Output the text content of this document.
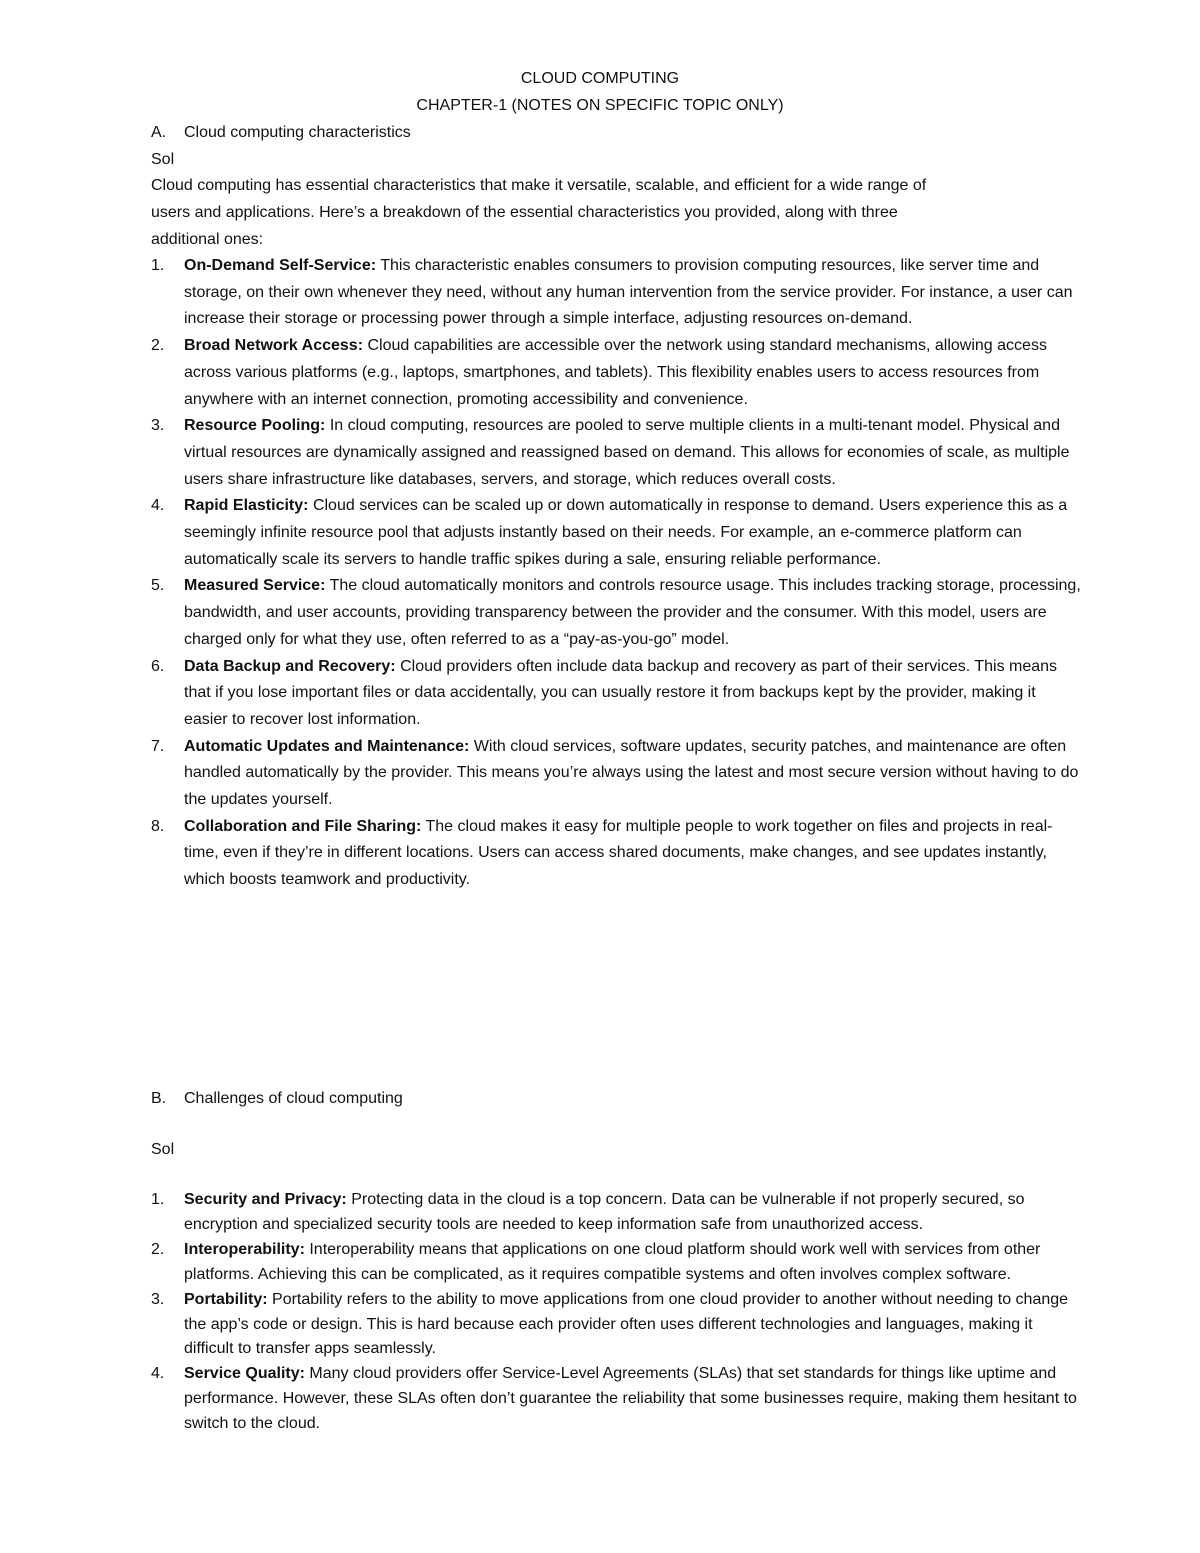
CLOUD COMPUTING
CHAPTER-1 (NOTES ON SPECIFIC TOPIC ONLY)
A. Cloud computing characteristics
Sol
Cloud computing has essential characteristics that make it versatile, scalable, and efficient for a wide range of
users and applications. Here’s a breakdown of the essential characteristics you provided, along with three
additional ones:
1. On-Demand Self-Service: This characteristic enables consumers to provision computing resources, like server time and storage, on their own whenever they need, without any human intervention from the service provider. For instance, a user can increase their storage or processing power through a simple interface, adjusting resources on-demand.
2. Broad Network Access: Cloud capabilities are accessible over the network using standard mechanisms, allowing access across various platforms (e.g., laptops, smartphones, and tablets). This flexibility enables users to access resources from anywhere with an internet connection, promoting accessibility and convenience.
3. Resource Pooling: In cloud computing, resources are pooled to serve multiple clients in a multi-tenant model. Physical and virtual resources are dynamically assigned and reassigned based on demand. This allows for economies of scale, as multiple users share infrastructure like databases, servers, and storage, which reduces overall costs.
4. Rapid Elasticity: Cloud services can be scaled up or down automatically in response to demand. Users experience this as a seemingly infinite resource pool that adjusts instantly based on their needs. For example, an e-commerce platform can automatically scale its servers to handle traffic spikes during a sale, ensuring reliable performance.
5. Measured Service: The cloud automatically monitors and controls resource usage. This includes tracking storage, processing, bandwidth, and user accounts, providing transparency between the provider and the consumer. With this model, users are charged only for what they use, often referred to as a “pay-as-you-go” model.
6. Data Backup and Recovery: Cloud providers often include data backup and recovery as part of their services. This means that if you lose important files or data accidentally, you can usually restore it from backups kept by the provider, making it easier to recover lost information.
7. Automatic Updates and Maintenance: With cloud services, software updates, security patches, and maintenance are often handled automatically by the provider. This means you’re always using the latest and most secure version without having to do the updates yourself.
8. Collaboration and File Sharing: The cloud makes it easy for multiple people to work together on files and projects in real-time, even if they’re in different locations. Users can access shared documents, make changes, and see updates instantly, which boosts teamwork and productivity.
B. Challenges of cloud computing
Sol
1. Security and Privacy: Protecting data in the cloud is a top concern. Data can be vulnerable if not properly secured, so encryption and specialized security tools are needed to keep information safe from unauthorized access.
2. Interoperability: Interoperability means that applications on one cloud platform should work well with services from other platforms. Achieving this can be complicated, as it requires compatible systems and often involves complex software.
3. Portability: Portability refers to the ability to move applications from one cloud provider to another without needing to change the app’s code or design. This is hard because each provider often uses different technologies and languages, making it difficult to transfer apps seamlessly.
4. Service Quality: Many cloud providers offer Service-Level Agreements (SLAs) that set standards for things like uptime and performance. However, these SLAs often don’t guarantee the reliability that some businesses require, making them hesitant to switch to the cloud.
